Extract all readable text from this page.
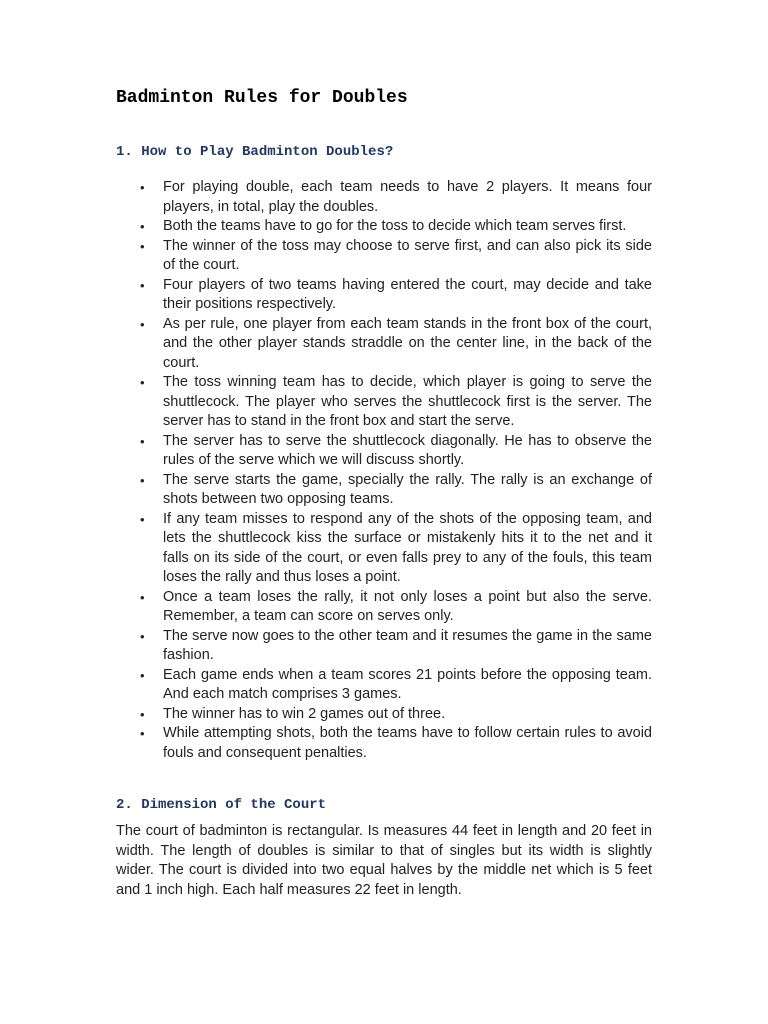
Badminton Rules for Doubles
1. How to Play Badminton Doubles?
• For playing double, each team needs to have 2 players. It means four players, in total, play the doubles.
• Both the teams have to go for the toss to decide which team serves first.
• The winner of the toss may choose to serve first, and can also pick its side of the court.
• Four players of two teams having entered the court, may decide and take their positions respectively.
• As per rule, one player from each team stands in the front box of the court, and the other player stands straddle on the center line, in the back of the court.
• The toss winning team has to decide, which player is going to serve the shuttlecock. The player who serves the shuttlecock first is the server. The server has to stand in the front box and start the serve.
• The server has to serve the shuttlecock diagonally. He has to observe the rules of the serve which we will discuss shortly.
• The serve starts the game, specially the rally. The rally is an exchange of shots between two opposing teams.
• If any team misses to respond any of the shots of the opposing team, and lets the shuttlecock kiss the surface or mistakenly hits it to the net and it falls on its side of the court, or even falls prey to any of the fouls, this team loses the rally and thus loses a point.
• Once a team loses the rally, it not only loses a point but also the serve. Remember, a team can score on serves only.
• The serve now goes to the other team and it resumes the game in the same fashion.
• Each game ends when a team scores 21 points before the opposing team. And each match comprises 3 games.
• The winner has to win 2 games out of three.
• While attempting shots, both the teams have to follow certain rules to avoid fouls and consequent penalties.
2. Dimension of the Court

The court of badminton is rectangular. Is measures 44 feet in length and 20 feet in width. The length of doubles is similar to that of singles but its width is slightly wider. The court is divided into two equal halves by the middle net which is 5 feet and 1 inch high. Each half measures 22 feet in length.
